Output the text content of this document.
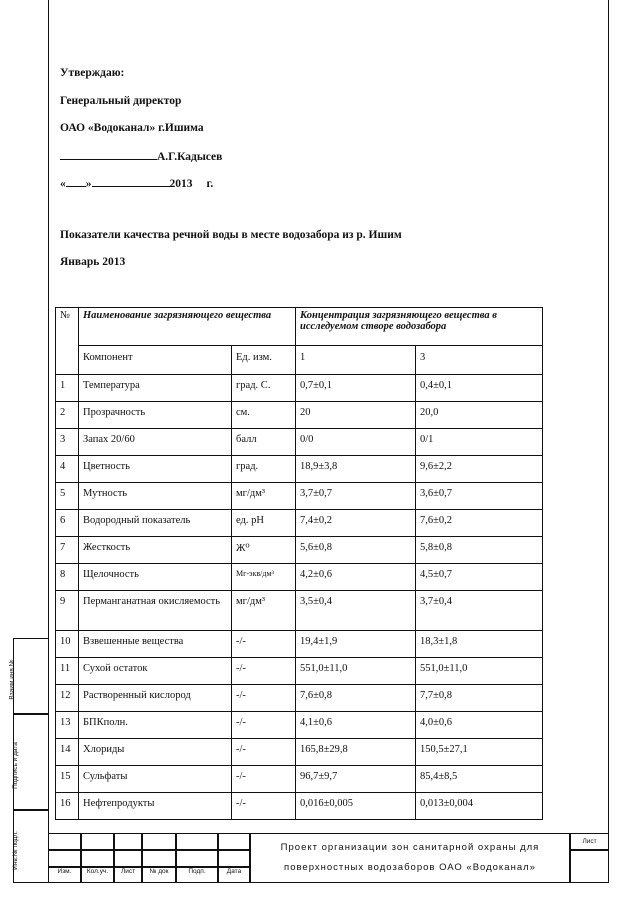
Утверждаю:
Генеральный директор
ОАО «Водоканал» г.Ишима
А.Г.Кадысев
« »	2013 г.
Показатели качества речной воды в месте водозабора из р. Ишим
Январь 2013
№	Наименование загрязняющего вещества		Концентрация загрязняющего вещества в исследуемом створе водозабора	
	Компонент	Ед. изм.	1	3
1	Температура	град. С.	0,7±0,1	0,4±0,1
2	Прозрачность	см.	20	20,0
3	Запах 20/60	балл	0/0	0/1
4	Цветность	град.	18,9±3,8	9,6±2,2
5	Мутность	мг/дм³	3,7±0,7	3,6±0,7
6	Водородный показатель	ед. pH	7,4±0,2	7,6±0,2
7	Жесткость	Ж⁰	5,6±0,8	5,8±0,8
8	Щелочность	Мг-экв/дм³	4,2±0,6	4,5±0,7
9	Перманганатная окисляемость	мг/дм³	3,5±0,4	3,7±0,4
10	Взвешенные вещества	-/-	19,4±1,9	18,3±1,8
11	Сухой остаток	-/-	551,0±11,0	551,0±11,0
12	Растворенный кислород	-/-	7,6±0,8	7,7±0,8
13	БПКполн.	-/-	4,1±0,6	4,0±0,6
14	Хлориды	-/-	165,8±29,8	150,5±27,1
15	Сульфаты	-/-	96,7±9,7	85,4±8,5
16	Нефтепродукты	-/-	0,016±0,005	0,013±0,004
Взаим.инв.№
Подпись и дата
Инв.№ подл.
Изм.	Кол.уч.	Лист	№ док	Подп.	Дата
Проект организации зон санитарной охраны для
поверхностных водозаборов ОАО «Водоканал»
Лист
